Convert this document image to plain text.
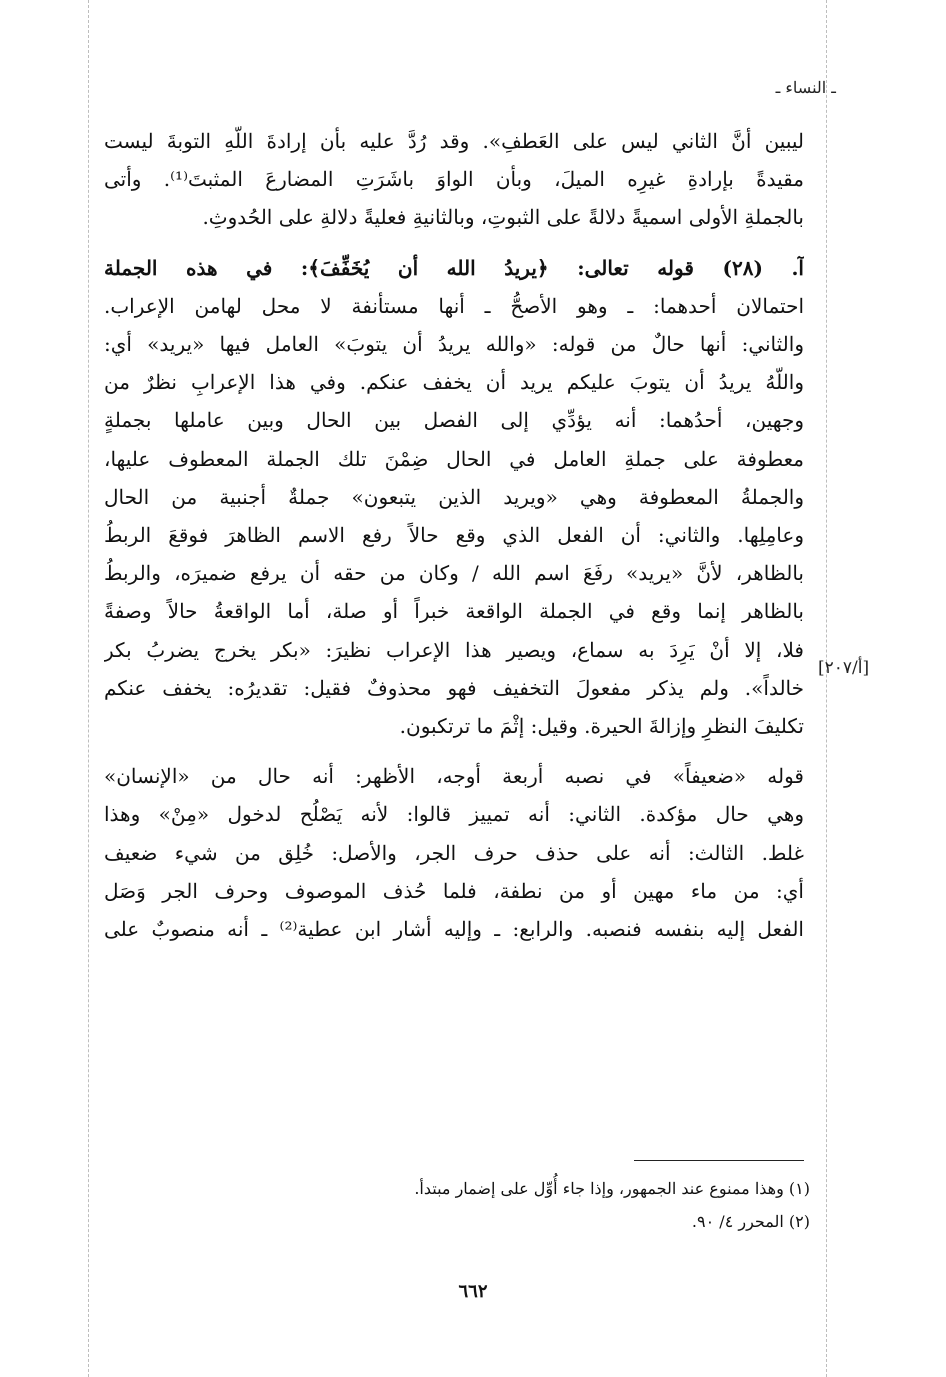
ـ النساء ـ

ليبين أنَّ الثاني ليس على العَطفِ». وقد رُدَّ عليه بأن إرادةَ اللّهِ التوبةَ ليست
مقيدةً بإرادةِ غيرِه الميلَ، وبأن الواوَ باشَرَتِ المضارعَ المثبتَ⁽¹⁾. وأتى
بالجملةِ الأولى اسميةً دلالةً على الثبوتِ، وبالثانيةِ فعليةً دلالةِ على الحُدوثِ.

آ. (٢٨) قوله تعالى: ﴿يريدُ الله أن يُخَفِّفَ﴾: في هذه الجملة
احتمالان أحدهما: ـ وهو الأصحُّ ـ أنها مستأنفة لا محل لهامن الإعراب.
والثاني: أنها حالٌ من قوله: «والله يريدُ أن يتوبَ» العامل فيها «يريد» أي:
واللّهُ يريدُ أن يتوبَ عليكم يريد أن يخفف عنكم. وفي هذا الإعرابِ نظرٌ من
وجهين، أحدُهما: أنه يؤدِّي إلى الفصل بين الحال وبين عاملها بجملةٍ
معطوفة على جملةِ العامل في الحال ضِمْنَ تلك الجملة المعطوف عليها،
والجملةُ المعطوفة وهي «ويريد الذين يتبعون» جملةٌ أجنبية من الحال
وعامِلِها. والثاني: أن الفعل الذي وقع حالاً رفع الاسم الظاهرَ فوقعَ الربطُ
بالظاهر، لأنَّ «يريد» رفَعَ اسم الله / وكان من حقه أن يرفع ضميرَه، والربطُ
بالظاهر إنما وقع في الجملة الواقعة خبراً أو صلة، أما الواقعةُ حالاً وصفةً
فلا، إلا أنْ يَرِدَ به سماع، ويصير هذا الإعراب نظيرَ: «بكر يخرج يضربُ بكر
خالداً». ولم يذكر مفعولَ التخفيف فهو محذوفٌ فقيل: تقديرُه: يخفف عنكم
تكليفَ النظرِ وإزالةَ الحيرة. وقيل: إثْمَ ما ترتكبون.

قوله «ضعيفاً» في نصبه أربعة أوجه، الأظهر: أنه حال من «الإنسان»
وهي حال مؤكدة. الثاني: أنه تمييز قالوا: لأنه يَصْلُح لدخول «مِنْ» وهذا
غلط. الثالث: أنه على حذف حرف الجر، والأصل: خُلِق من شيء ضعيف
أي: من ماء مهين أو من نطفة، فلما حُذف الموصوف وحرف الجر وَصَل
الفعل إليه بنفسه فنصبه. والرابع: ـ وإليه أشار ابن عطية⁽²⁾ ـ أنه منصوبٌ على

[۲۰۷/أ]
(١) وهذا ممنوع عند الجمهور، وإذا جاء أُوِّل على إضمار مبتدأ.
(٢) المحرر ٤/ ٩٠.
٦٦٢
